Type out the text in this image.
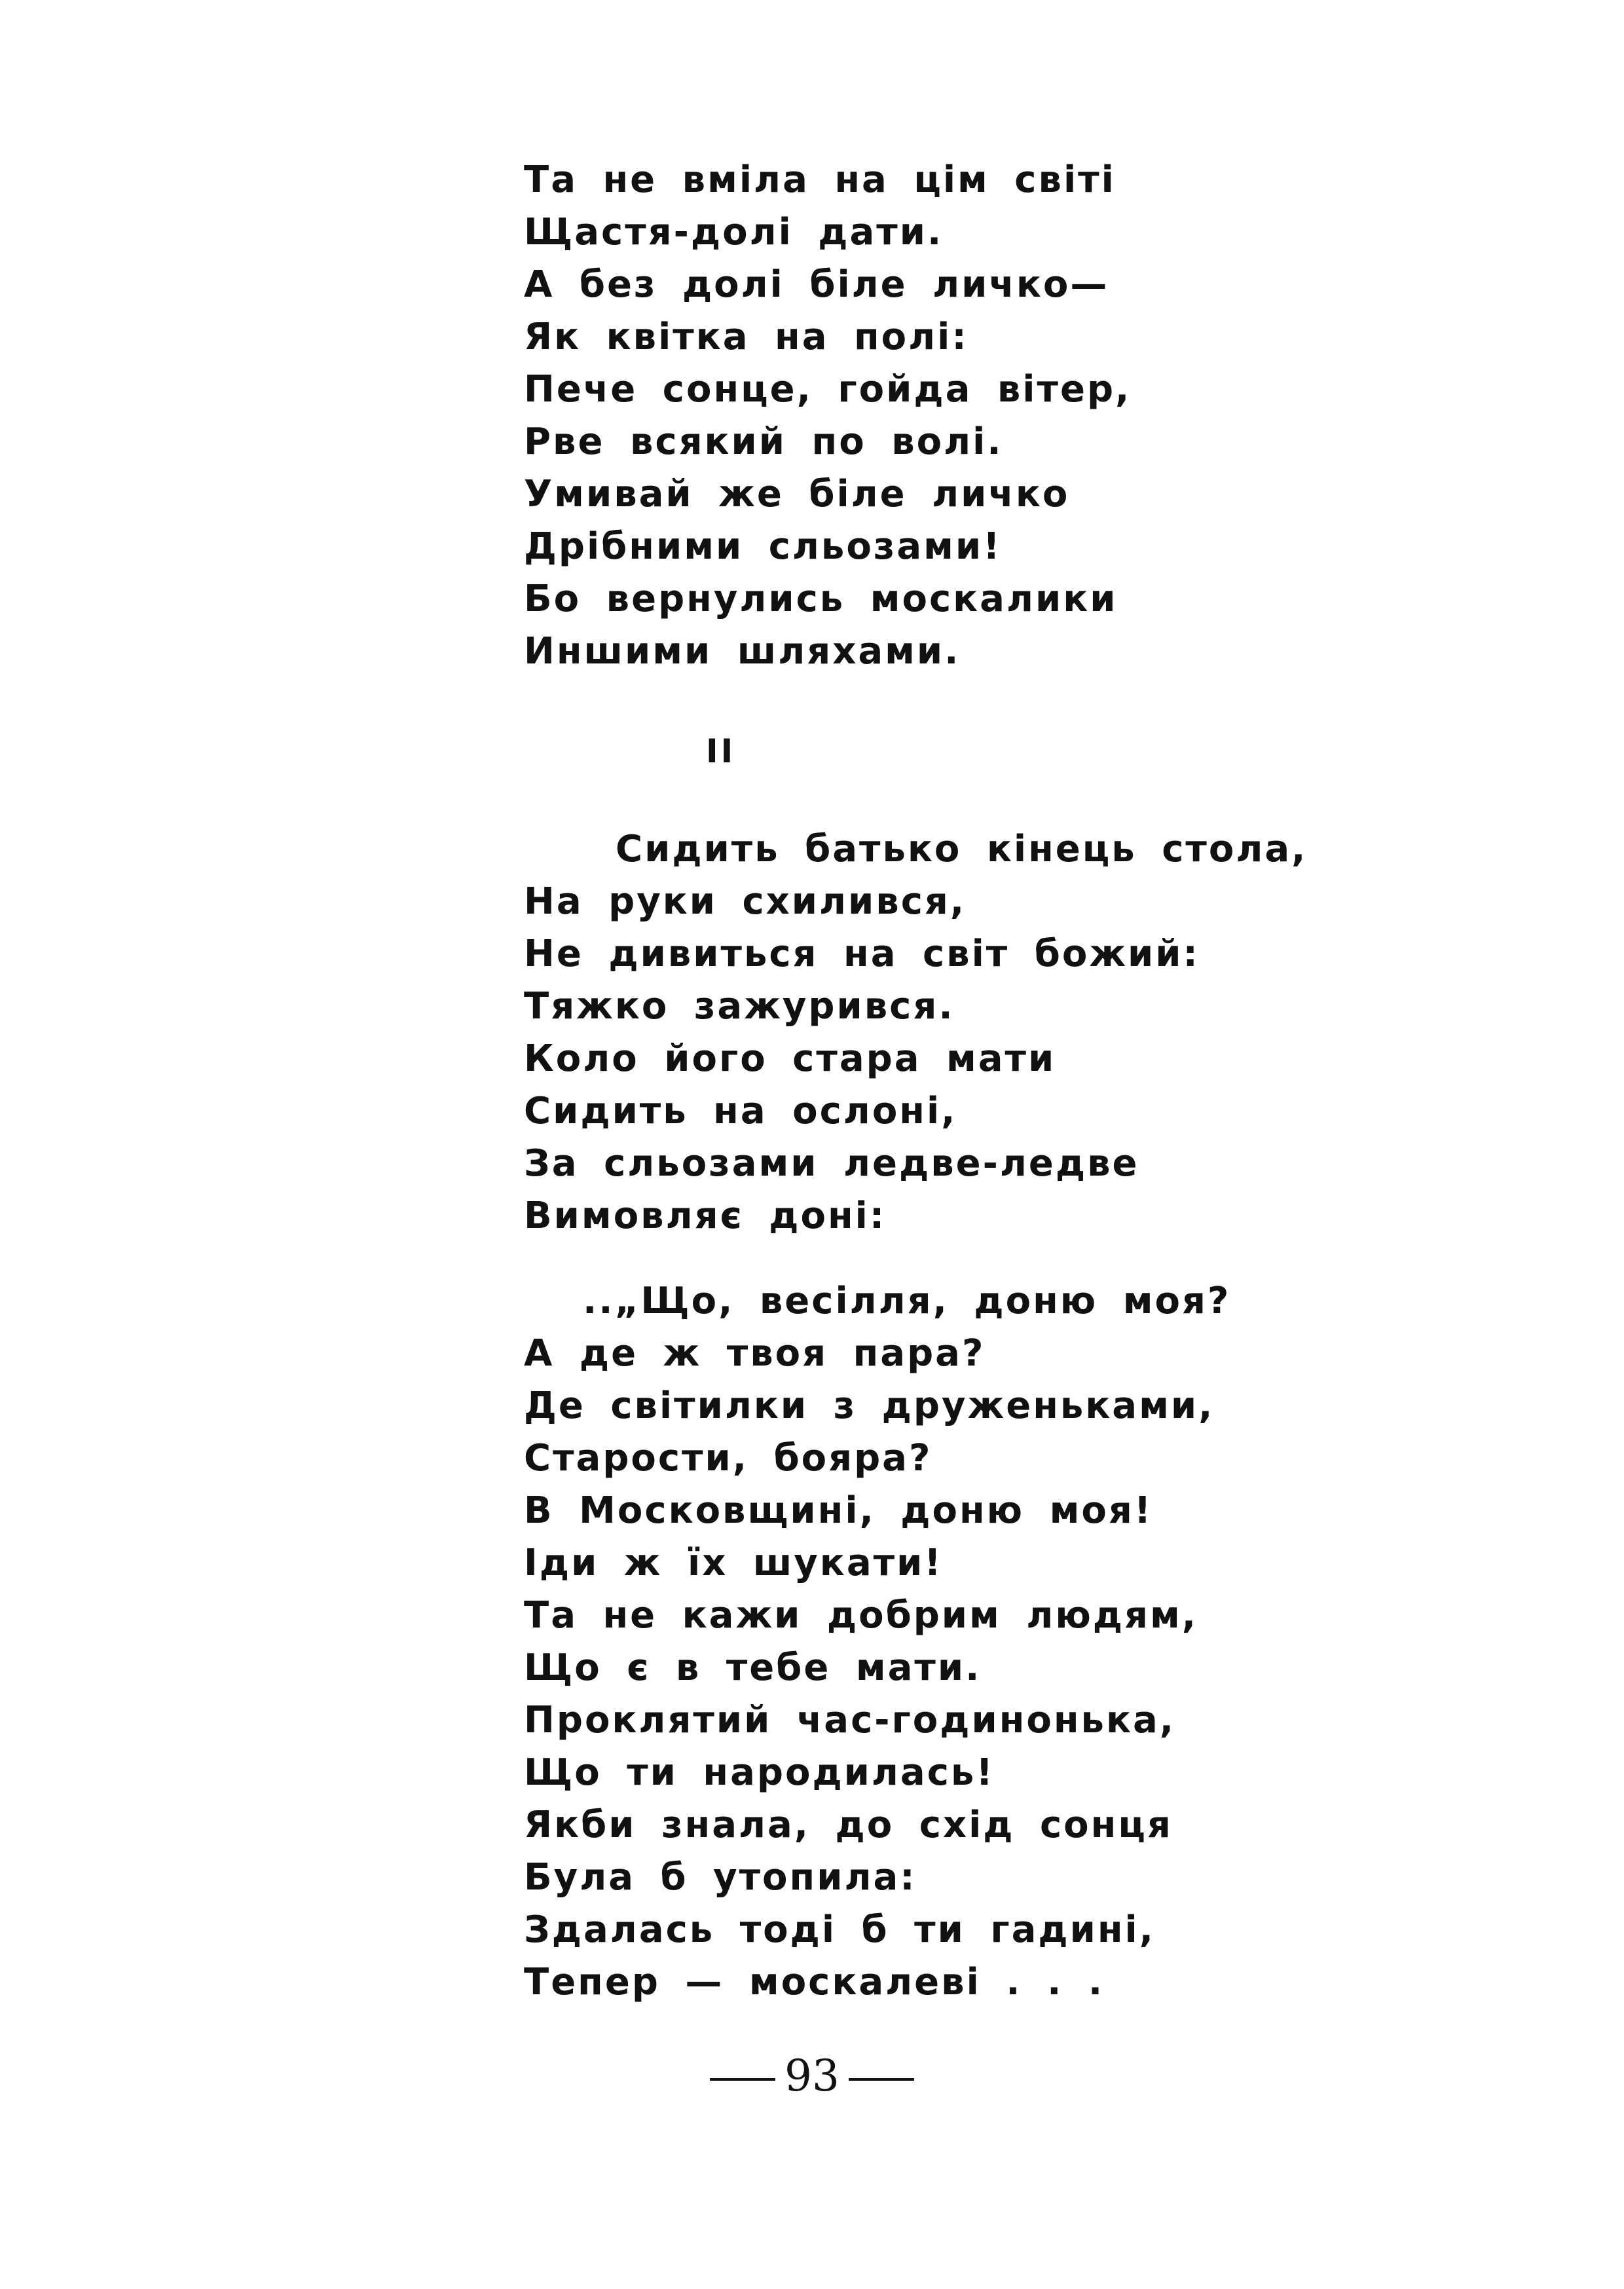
Та не вміла на цім світі
Щастя-долі дати.
А без долі біле личко—
Як квітка на полі:
Пече сонце, гойда вітер,
Рве всякий по волі.
Умивай же біле личко
Дрібними сльозами!
Бо вернулись москалики
Иншими шляхами.
II
Сидить батько кінець стола,
На руки схилився,
Не дивиться на світ божий:
Тяжко зажурився.
Коло його стара мати
Сидить на ослоні,
За сльозами ледве-ледве
Вимовляє доні:
..„Що, весілля, доню моя?
А де ж твоя пара?
Де світилки з друженьками,
Старости, бояра?
В Московщині, доню моя!
Іди ж їх шукати!
Та не кажи добрим людям,
Що є в тебе мати.
Проклятий час-годинонька,
Що ти народилась!
Якби знала, до схід сонця
Була б утопила:
Здалась тоді б ти гадині,
Тепер — москалеві . . .
93
